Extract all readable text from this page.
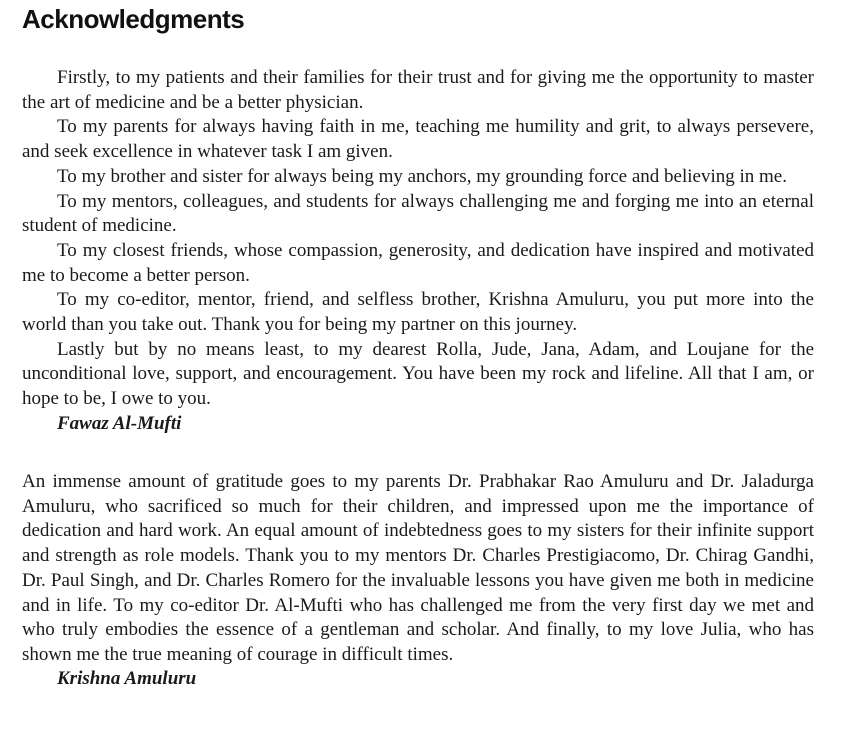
Acknowledgments

Firstly, to my patients and their families for their trust and for giving me the opportunity to master the art of medicine and be a better physician.

To my parents for always having faith in me, teaching me humility and grit, to always persevere, and seek excellence in whatever task I am given.

To my brother and sister for always being my anchors, my grounding force and believing in me.

To my mentors, colleagues, and students for always challenging me and forging me into an eternal student of medicine.

To my closest friends, whose compassion, generosity, and dedication have inspired and motivated me to become a better person.

To my co-editor, mentor, friend, and selfless brother, Krishna Amuluru, you put more into the world than you take out. Thank you for being my partner on this journey.

Lastly but by no means least, to my dearest Rolla, Jude, Jana, Adam, and Loujane for the unconditional love, support, and encouragement. You have been my rock and lifeline. All that I am, or hope to be, I owe to you.

Fawaz Al-Mufti

An immense amount of gratitude goes to my parents Dr. Prabhakar Rao Amuluru and Dr. Jaladurga Amuluru, who sacrificed so much for their children, and impressed upon me the importance of dedication and hard work. An equal amount of indebtedness goes to my sisters for their infinite support and strength as role models. Thank you to my mentors Dr. Charles Prestigiacomo, Dr. Chirag Gandhi, Dr. Paul Singh, and Dr. Charles Romero for the invaluable lessons you have given me both in medicine and in life. To my co-editor Dr. Al-Mufti who has challenged me from the very first day we met and who truly embodies the essence of a gentleman and scholar. And finally, to my love Julia, who has shown me the true meaning of courage in difficult times.

Krishna Amuluru
